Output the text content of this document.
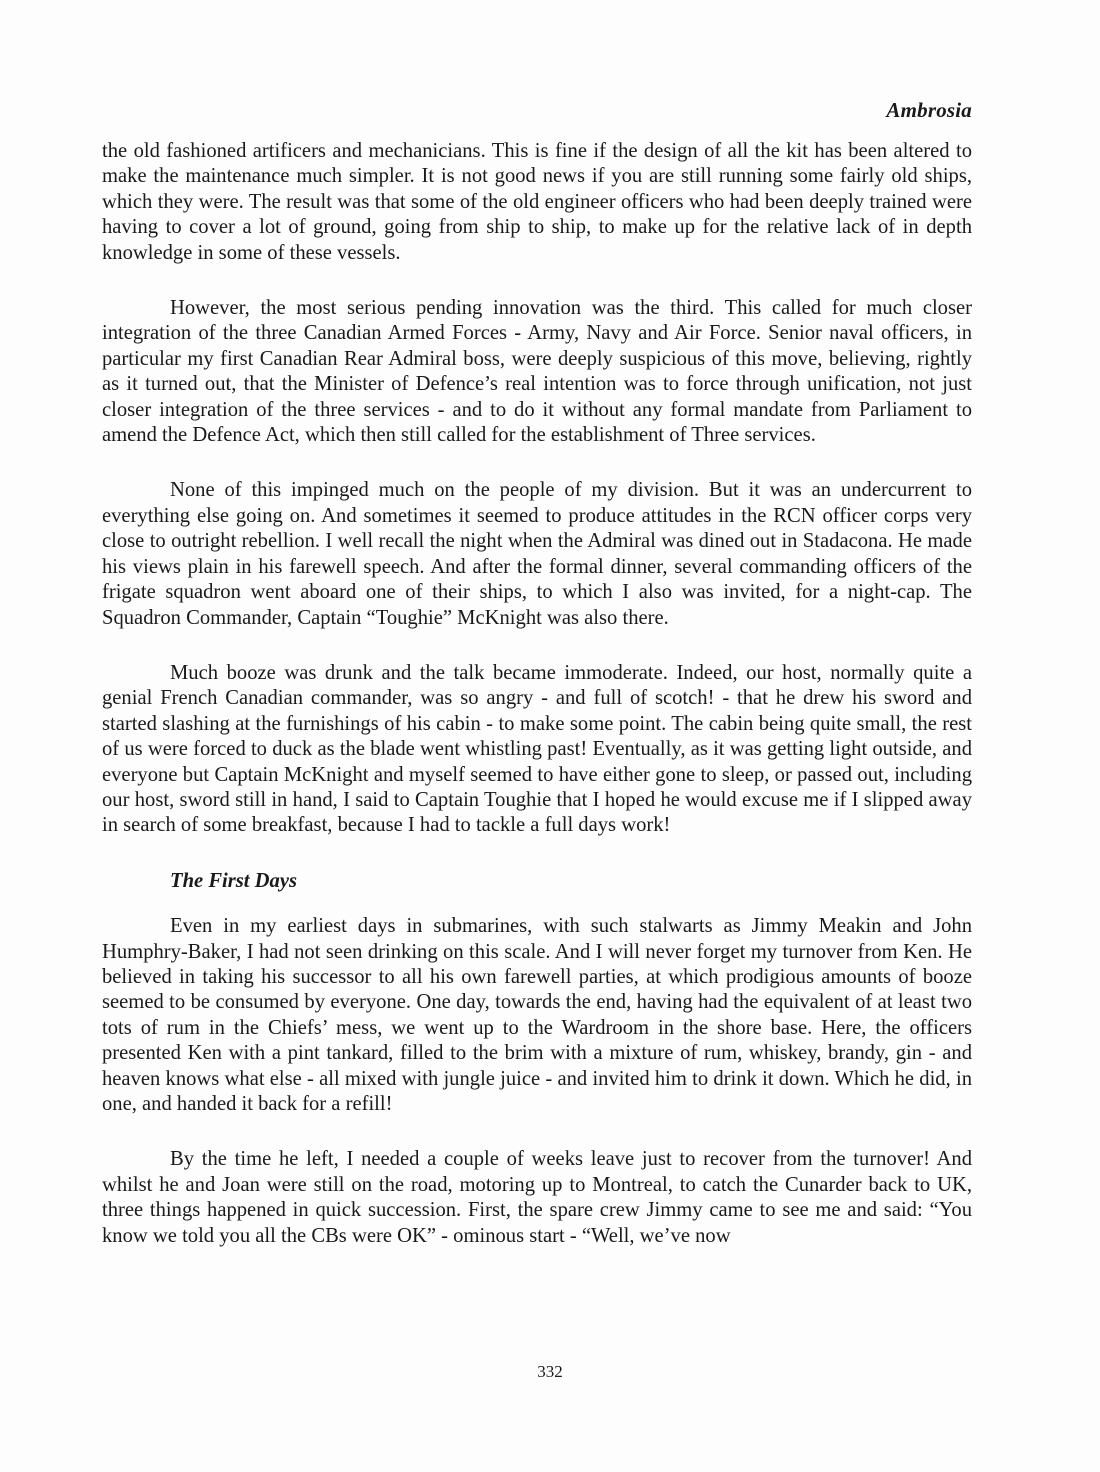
Ambrosia

the old fashioned artificers and mechanicians. This is fine if the design of all the kit has been altered to make the maintenance much simpler. It is not good news if you are still running some fairly old ships, which they were. The result was that some of the old engineer officers who had been deeply trained were having to cover a lot of ground, going from ship to ship, to make up for the relative lack of in depth knowledge in some of these vessels.

However, the most serious pending innovation was the third. This called for much closer integration of the three Canadian Armed Forces - Army, Navy and Air Force. Senior naval officers, in particular my first Canadian Rear Admiral boss, were deeply suspicious of this move, believing, rightly as it turned out, that the Minister of Defence’s real intention was to force through unification, not just closer integration of the three services - and to do it without any formal mandate from Parliament to amend the Defence Act, which then still called for the establishment of Three services.

None of this impinged much on the people of my division. But it was an undercurrent to everything else going on. And sometimes it seemed to produce attitudes in the RCN officer corps very close to outright rebellion. I well recall the night when the Admiral was dined out in Stadacona. He made his views plain in his farewell speech. And after the formal dinner, several commanding officers of the frigate squadron went aboard one of their ships, to which I also was invited, for a night-cap. The Squadron Commander, Captain “Toughie” McKnight was also there.

Much booze was drunk and the talk became immoderate. Indeed, our host, normally quite a genial French Canadian commander, was so angry - and full of scotch! - that he drew his sword and started slashing at the furnishings of his cabin - to make some point. The cabin being quite small, the rest of us were forced to duck as the blade went whistling past! Eventually, as it was getting light outside, and everyone but Captain McKnight and myself seemed to have either gone to sleep, or passed out, including our host, sword still in hand, I said to Captain Toughie that I hoped he would excuse me if I slipped away in search of some breakfast, because I had to tackle a full days work!

The First Days

Even in my earliest days in submarines, with such stalwarts as Jimmy Meakin and John Humphry-Baker, I had not seen drinking on this scale. And I will never forget my turnover from Ken. He believed in taking his successor to all his own farewell parties, at which prodigious amounts of booze seemed to be consumed by everyone. One day, towards the end, having had the equivalent of at least two tots of rum in the Chiefs’ mess, we went up to the Wardroom in the shore base. Here, the officers presented Ken with a pint tankard, filled to the brim with a mixture of rum, whiskey, brandy, gin - and heaven knows what else - all mixed with jungle juice - and invited him to drink it down. Which he did, in one, and handed it back for a refill!

By the time he left, I needed a couple of weeks leave just to recover from the turnover! And whilst he and Joan were still on the road, motoring up to Montreal, to catch the Cunarder back to UK, three things happened in quick succession. First, the spare crew Jimmy came to see me and said: “You know we told you all the CBs were OK” - ominous start - “Well, we’ve now

332
